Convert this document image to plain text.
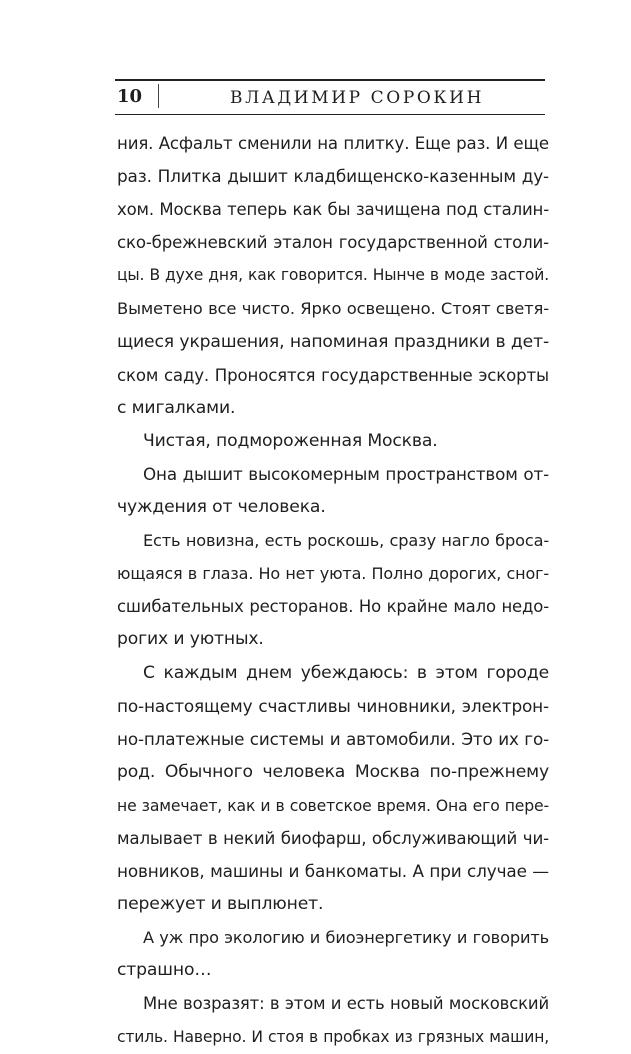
10	ВЛАДИМИР СОРОКИН
ния. Асфальт сменили на плитку. Еще раз. И еще
раз. Плитка дышит кладбищенско-казенным ду-
хом. Москва теперь как бы зачищена под сталин-
ско-брежневский эталон государственной столи-
цы. В духе дня, как говорится. Нынче в моде застой.
Выметено все чисто. Ярко освещено. Стоят светя-
щиеся украшения, напоминая праздники в дет-
ском саду. Проносятся государственные эскорты
с мигалками.
Чистая, подмороженная Москва.
Она дышит высокомерным пространством от-
чуждения от человека.
Есть новизна, есть роскошь, сразу нагло броса-
ющаяся в глаза. Но нет уюта. Полно дорогих, сног-
сшибательных ресторанов. Но крайне мало недо-
рогих и уютных.
С каждым днем убеждаюсь: в этом городе
по-настоящему счастливы чиновники, электрон-
но-платежные системы и автомобили. Это их го-
род. Обычного человека Москва по-прежнему
не замечает, как и в советское время. Она его пере-
малывает в некий биофарш, обслуживающий чи-
новников, машины и банкоматы. А при случае —
пережует и выплюнет.
А уж про экологию и биоэнергетику и говорить
страшно…
Мне возразят: в этом и есть новый московский
стиль. Наверно. И стоя в пробках из грязных машин,
